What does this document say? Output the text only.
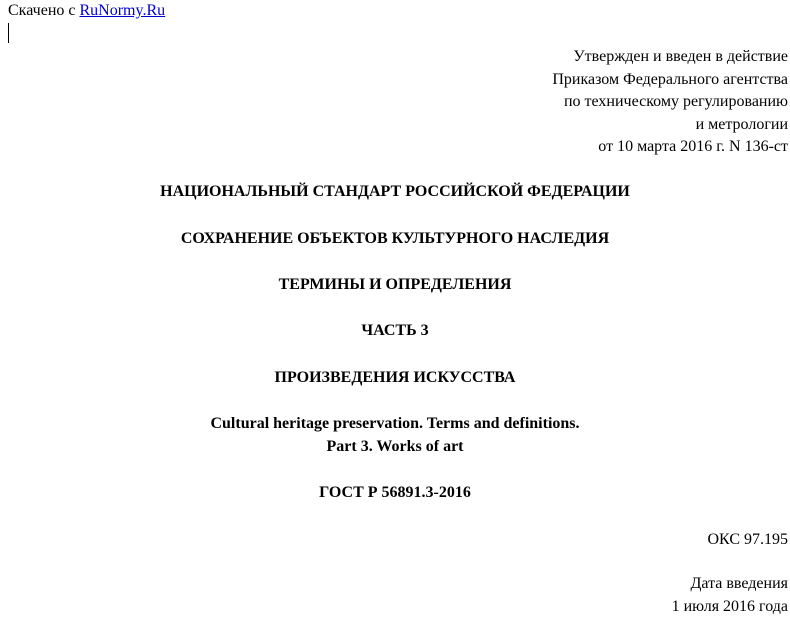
Скачено с RuNormy.Ru
Утвержден и введен в действие
Приказом Федерального агентства
по техническому регулированию
и метрологии
от 10 марта 2016 г. N 136-ст
НАЦИОНАЛЬНЫЙ СТАНДАРТ РОССИЙСКОЙ ФЕДЕРАЦИИ
СОХРАНЕНИЕ ОБЪЕКТОВ КУЛЬТУРНОГО НАСЛЕДИЯ
ТЕРМИНЫ И ОПРЕДЕЛЕНИЯ
ЧАСТЬ 3
ПРОИЗВЕДЕНИЯ ИСКУССТВА
Cultural heritage preservation. Terms and definitions.
Part 3. Works of art
ГОСТ Р 56891.3-2016
ОКС 97.195
Дата введения
1 июля 2016 года
